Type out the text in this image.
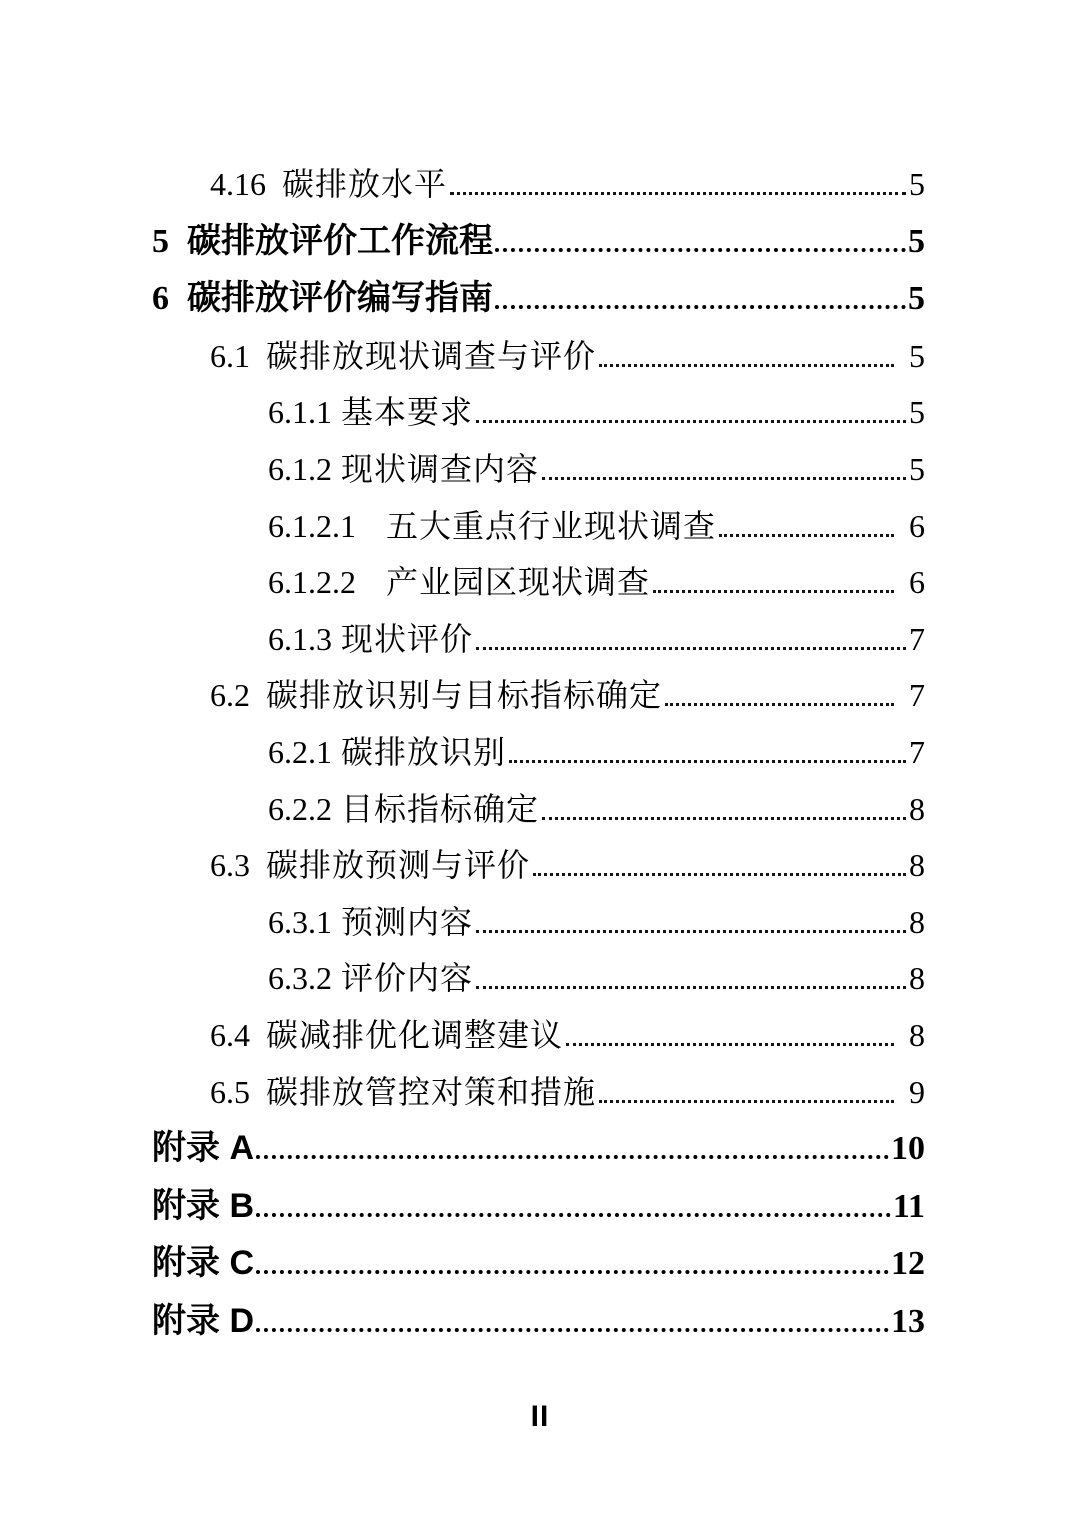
4.16 碳排放水平	5
5 碳排放评价工作流程	5
6 碳排放评价编写指南	5
6.1 碳排放现状调查与评价	5
6.1.1 基本要求	5
6.1.2 现状调查内容	5
6.1.2.1 五大重点行业现状调查	6
6.1.2.2 产业园区现状调查	6
6.1.3 现状评价	7
6.2 碳排放识别与目标指标确定	7
6.2.1 碳排放识别	7
6.2.2 目标指标确定	8
6.3 碳排放预测与评价	8
6.3.1 预测内容	8
6.3.2 评价内容	8
6.4 碳减排优化调整建议	8
6.5 碳排放管控对策和措施	9
附录 A	10
附录 B	11
附录 C	12
附录 D	13
II
